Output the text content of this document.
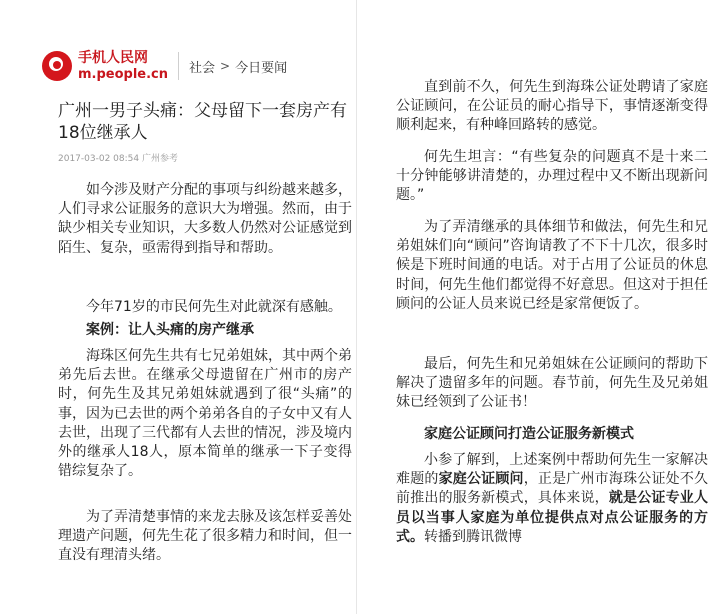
手机人民网
m.people.cn 社会 > 今日要闻
广州一男子头痛：父母留下一套房产有18位继承人
2017-03-02 08:54 广州参考

如今涉及财产分配的事项与纠纷越来越多，人们寻求公证服务的意识大为增强。然而，由于缺少相关专业知识，大多数人仍然对公证感觉到陌生、复杂，亟需得到指导和帮助。

今年71岁的市民何先生对此就深有感触。

案例：让人头痛的房产继承

海珠区何先生共有七兄弟姐妹，其中两个弟弟先后去世。在继承父母遗留在广州市的房产时，何先生及其兄弟姐妹就遇到了很“头痛”的事，因为已去世的两个弟弟各自的子女中又有人去世，出现了三代都有人去世的情况，涉及境内外的继承人18人，原本简单的继承一下子变得错综复杂了。

为了弄清楚事情的来龙去脉及该怎样妥善处理遗产问题，何先生花了很多精力和时间，但一直没有理清头绪。

直到前不久，何先生到海珠公证处聘请了家庭公证顾问，在公证员的耐心指导下，事情逐渐变得顺利起来，有种峰回路转的感觉。

何先生坦言：“有些复杂的问题真不是十来二十分钟能够讲清楚的，办理过程中又不断出现新问题。”

为了弄清继承的具体细节和做法，何先生和兄弟姐妹们向“顾问”咨询请教了不下十几次，很多时候是下班时间通的电话。对于占用了公证员的休息时间，何先生他们都觉得不好意思。但这对于担任顾问的公证人员来说已经是家常便饭了。

最后，何先生和兄弟姐妹在公证顾问的帮助下解决了遗留多年的问题。春节前，何先生及兄弟姐妹已经领到了公证书！

家庭公证顾问打造公证服务新模式

小参了解到，上述案例中帮助何先生一家解决难题的家庭公证顾问，正是广州市海珠公证处不久前推出的服务新模式，具体来说，就是公证专业人员以当事人家庭为单位提供点对点公证服务的方式。转播到腾讯微博
